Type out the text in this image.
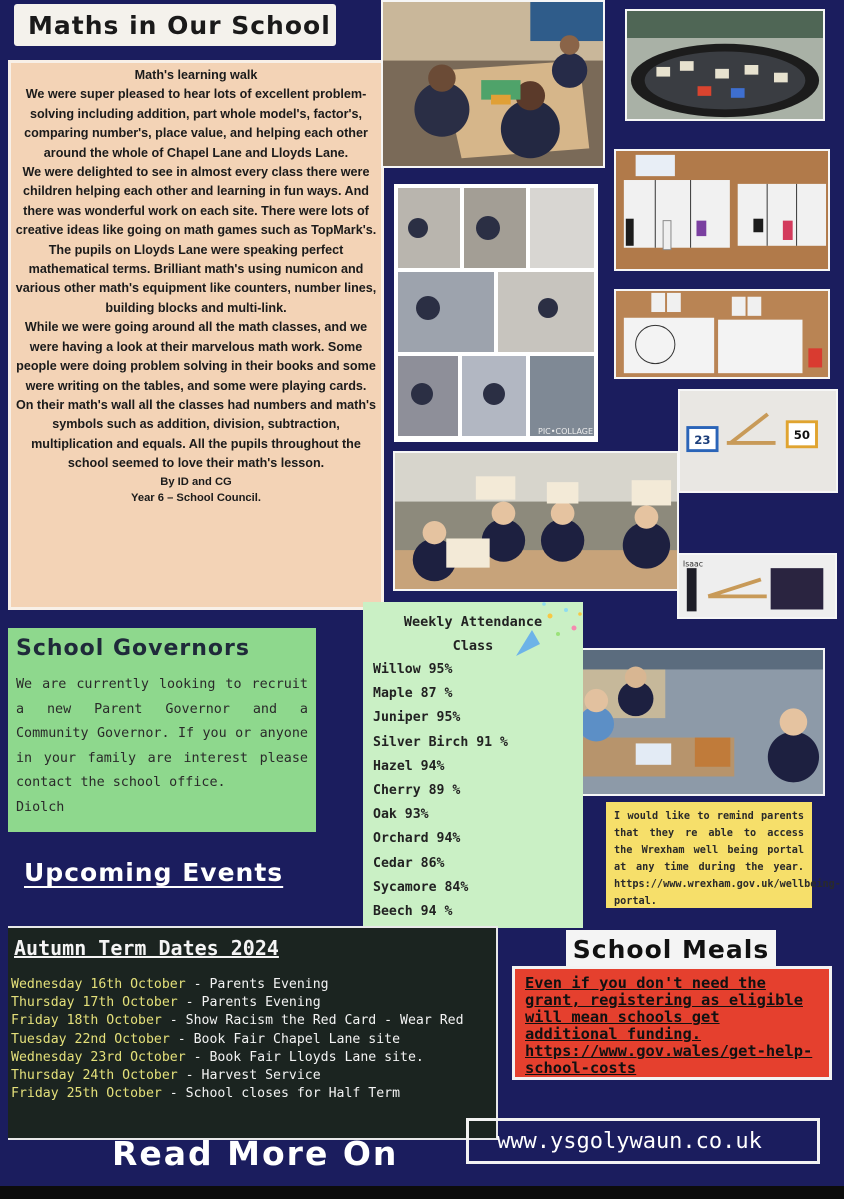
Maths in Our School

Math's learning walk

We were super pleased to hear lots of excellent problem-solving including addition, part whole model's, factor's, comparing number's, place value, and helping each other around the whole of Chapel Lane and Lloyds Lane.

We were delighted to see in almost every class there were children helping each other and learning in fun ways. And there was wonderful work on each site. There were lots of creative ideas like going on math games such as TopMark's. The pupils on Lloyds Lane were speaking perfect mathematical terms. Brilliant math's using numicon and various other math's equipment like counters, number lines, building blocks and multi-link.

While we were going around all the math classes, and we were having a look at their marvelous math work. Some people were doing problem solving in their books and some were writing on the tables, and some were playing cards.

On their math's wall all the classes had numbers and math's symbols such as addition, division, subtraction, multiplication and equals. All the pupils throughout the school seemed to love their math's lesson.

By ID and CG

Year 6 – School Council.

PIC•COLLAGE
23	50
Isaac
School Governors
We are currently looking to recruit a new Parent Governor and a Community Governor. If you or anyone in your family are interest please contact the school office.
Diolch
Weekly Attendance
Class
Willow 95%
Maple 87 %
Juniper 95%
Silver Birch 91 %
Hazel 94%
Cherry 89 %
Oak 93%
Orchard 94%
Cedar 86%
Sycamore 84%
Beech 94 %
I would like to remind parents that they re able to access the Wrexham well being portal at any time during the year. https://www.wrexham.gov.uk/wellbeing-portal.
Upcoming Events
Autumn Term Dates 2024
Wednesday 16th October - Parents Evening
Thursday 17th October - Parents Evening
Friday 18th October - Show Racism the Red Card - Wear Red
Tuesday 22nd October - Book Fair Chapel Lane site
Wednesday 23rd October - Book Fair Lloyds Lane site.
Thursday 24th October - Harvest Service
Friday 25th October - School closes for Half Term
School Meals
Even if you don't need the grant, registering as eligible will mean schools get additional funding. https://www.gov.wales/get-help-school-costs
Read More On	www.ysgolywaun.co.uk
